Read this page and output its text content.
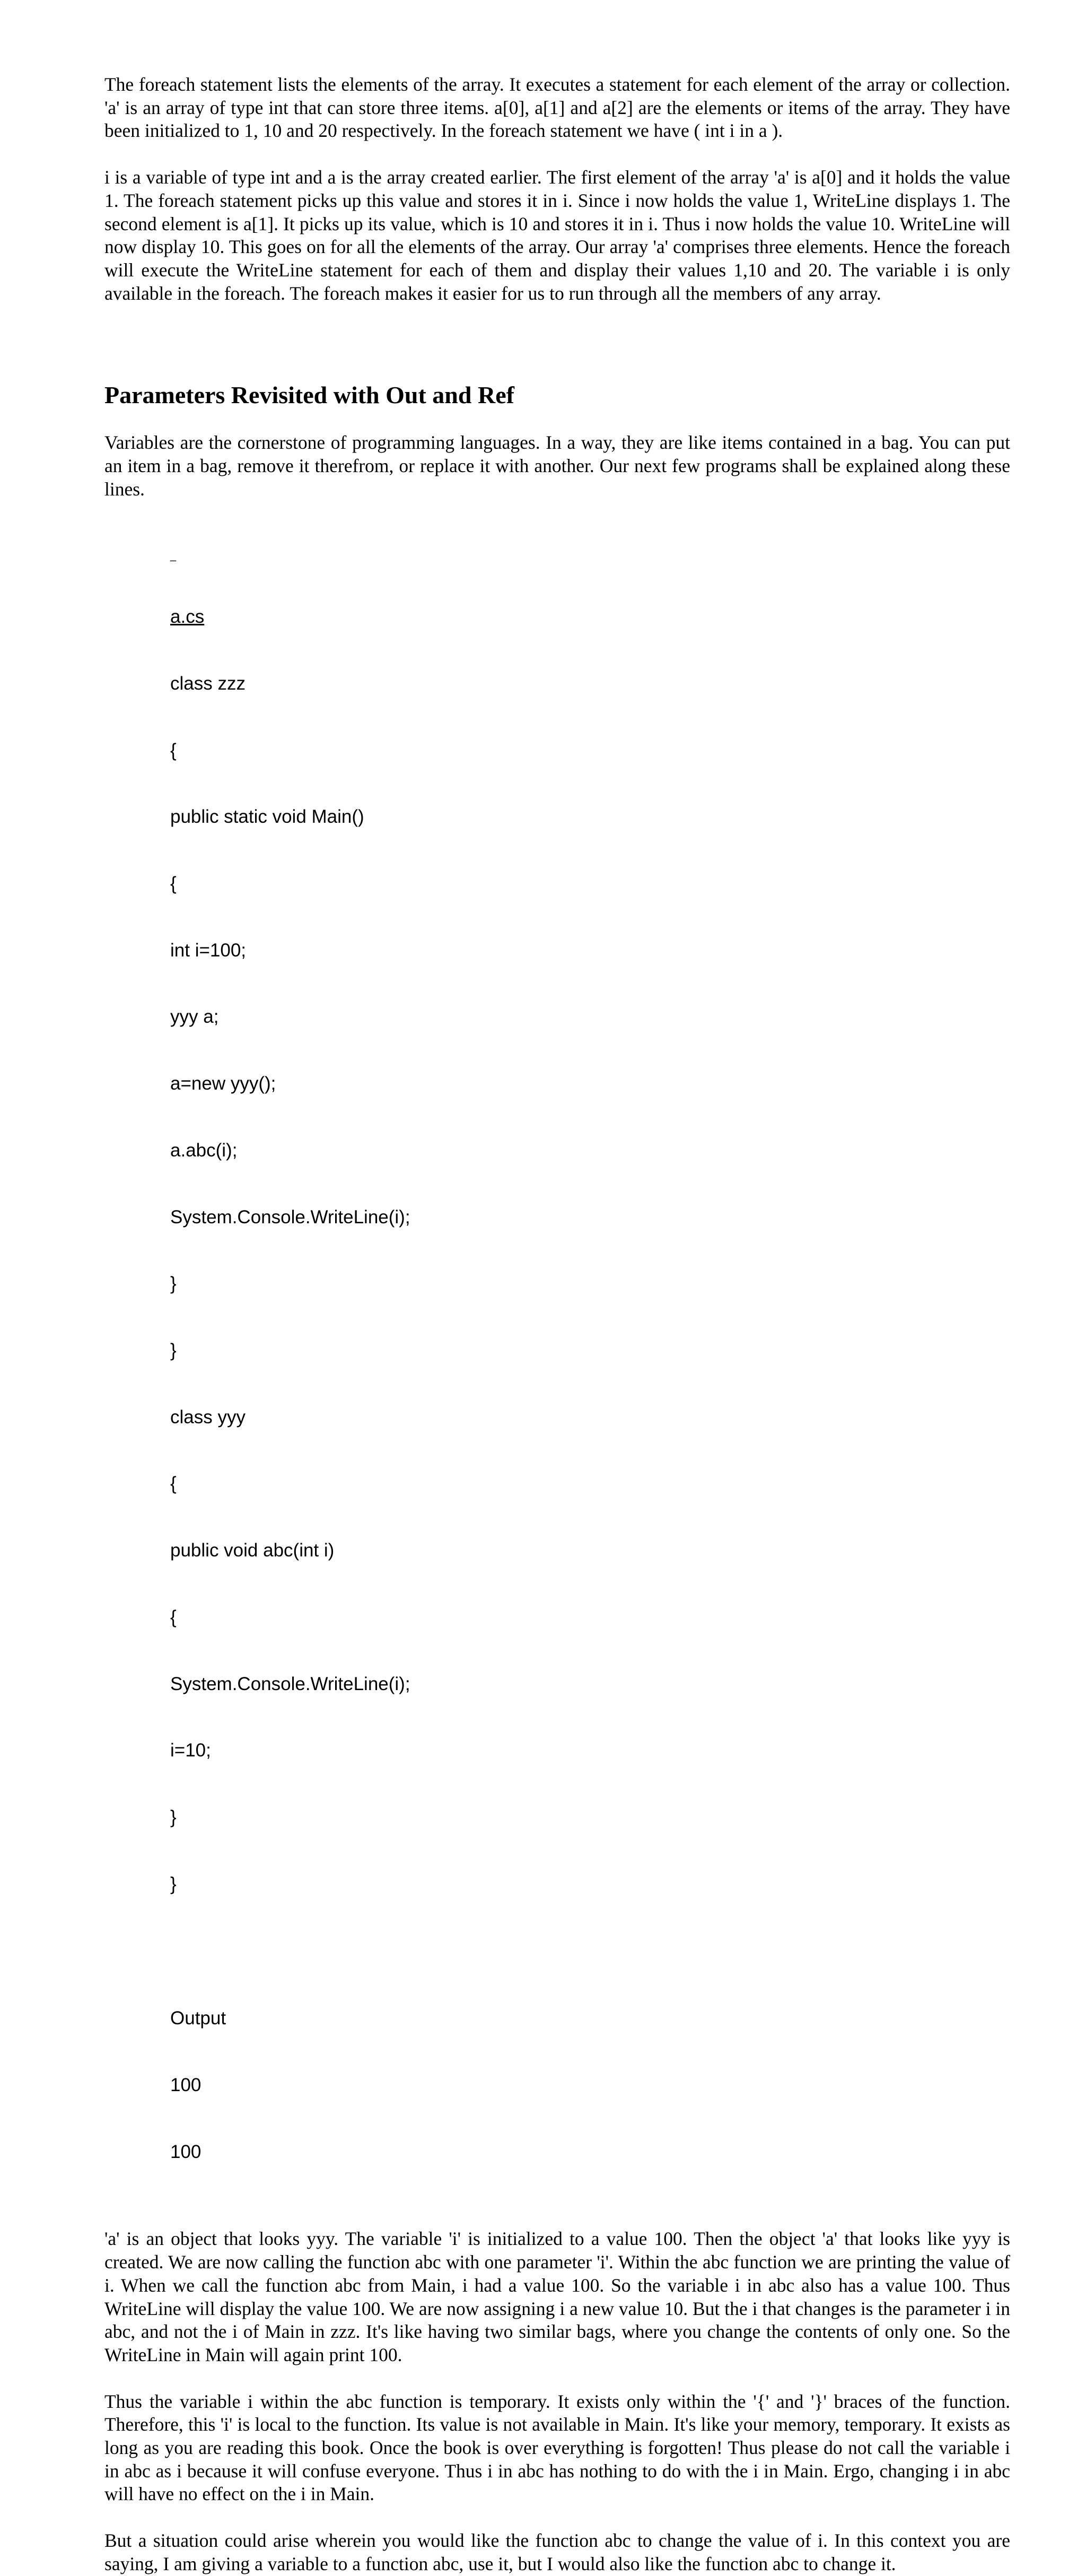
The foreach statement lists the elements of the array. It executes a statement for each element of the array or collection. 'a' is an array of type int that can store three items. a[0], a[1] and a[2] are the elements or items of the array. They have been initialized to 1, 10 and 20 respectively. In the foreach statement we have ( int i in a ).

i is a variable of type int and a is the array created earlier. The first element of the array 'a' is a[0] and it holds the value 1. The foreach statement picks up this value and stores it in i. Since i now holds the value 1, WriteLine displays 1. The second element is a[1]. It picks up its value, which is 10 and stores it in i. Thus i now holds the value 10. WriteLine will now display 10. This goes on for all the elements of the array. Our array 'a' comprises three elements. Hence the foreach will execute the WriteLine statement for each of them and display their values 1,10 and 20. The variable i is only available in the foreach. The foreach makes it easier for us to run through all the members of any array.

Parameters Revisited with Out and Ref

Variables are the cornerstone of programming languages. In a way, they are like items contained in a bag. You can put an item in a bag, remove it therefrom, or replace it with another. Our next few programs shall be explained along these lines.

_

a.cs

class zzz

{

public static void Main()

{

int i=100;

yyy a;

a=new yyy();

a.abc(i);

System.Console.WriteLine(i);

}

}

class yyy

{

public void abc(int i)

{

System.Console.WriteLine(i);

i=10;

}

}

Output

100

100

'a' is an object that looks yyy. The variable 'i' is initialized to a value 100. Then the object 'a' that looks like yyy is created. We are now calling the function abc with one parameter 'i'. Within the abc function we are printing the value of i. When we call the function abc from Main, i had a value 100. So the variable i in abc also has a value 100. Thus WriteLine will display the value 100. We are now assigning i a new value 10. But the i that changes is the parameter i in abc, and not the i of Main in zzz. It's like having two similar bags, where you change the contents of only one. So the WriteLine in Main will again print 100.

Thus the variable i within the abc function is temporary. It exists only within the '{' and '}' braces of the function. Therefore, this 'i' is local to the function. Its value is not available in Main. It's like your memory, temporary. It exists as long as you are reading this book. Once the book is over everything is forgotten! Thus please do not call the variable i in abc as i because it will confuse everyone. Thus i in abc has nothing to do with the i in Main. Ergo, changing i in abc will have no effect on the i in Main.

But a situation could arise wherein you would like the function abc to change the value of i. In this context you are saying, I am giving a variable to a function abc, use it, but I would also like the function abc to change it.
